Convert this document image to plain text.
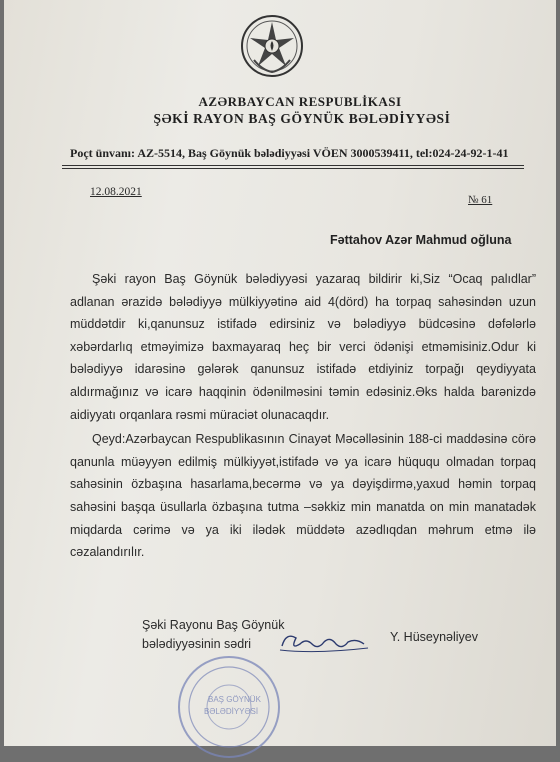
AZƏRBAYCAN RESPUBLİKASI
ŞƏKİ RAYON BAŞ GÖYNÜK BƏLƏDİYYƏSİ
Poçt ünvanı: AZ-5514, Baş Göynük bələdiyyəsi VÖEN 3000539411, tel:024-24-92-1-41
12.08.2021
№ 61
Fəttahov Azər Mahmud oğluna

Şəki rayon Baş Göynük bələdiyyəsi yazaraq bildirir ki,Siz “Ocaq palıdlar” adlanan ərazidə bələdiyyə mülkiyyətinə aid 4(dörd) ha torpaq sahəsindən uzun müddətdir ki,qanunsuz istifadə edirsiniz və bələdiyyə büdcəsinə dəfələrlə xəbərdarlıq etməyimizə baxmayaraq heç bir verci ödənişi etməmisiniz.Odur ki bələdiyyə idarəsinə gələrək qanunsuz istifadə etdiyiniz torpağı qeydiyyata aldırmağınız və icarə haqqinin ödənilməsini təmin edəsiniz.Əks halda barənizdə aidiyyatı orqanlara rəsmi müraciət olunacaqdır.

Qeyd:Azərbaycan Respublikasının Cinayət Məcəlləsinin 188-ci maddəsinə cörə qanunla müəyyən edilmiş mülkiyyət,istifadə və ya icarə hüququ olmadan torpaq sahəsinin özbaşına hasarlama,becərmə və ya dəyişdirmə,yaxud həmin torpaq sahəsini başqa üsullarla özbaşına tutma –səkkiz min manatda on min manatadək miqdarda cərimə və ya iki ilədək müddətə azədlıqdan məhrum etmə ilə cəzalandırılır.

Şəki Rayonu Baş Göynük
bələdiyyəsinin sədri	Y. Hüseynəliyev
BAŞ GÖYNÜK
BƏLƏDİYYƏSİ
